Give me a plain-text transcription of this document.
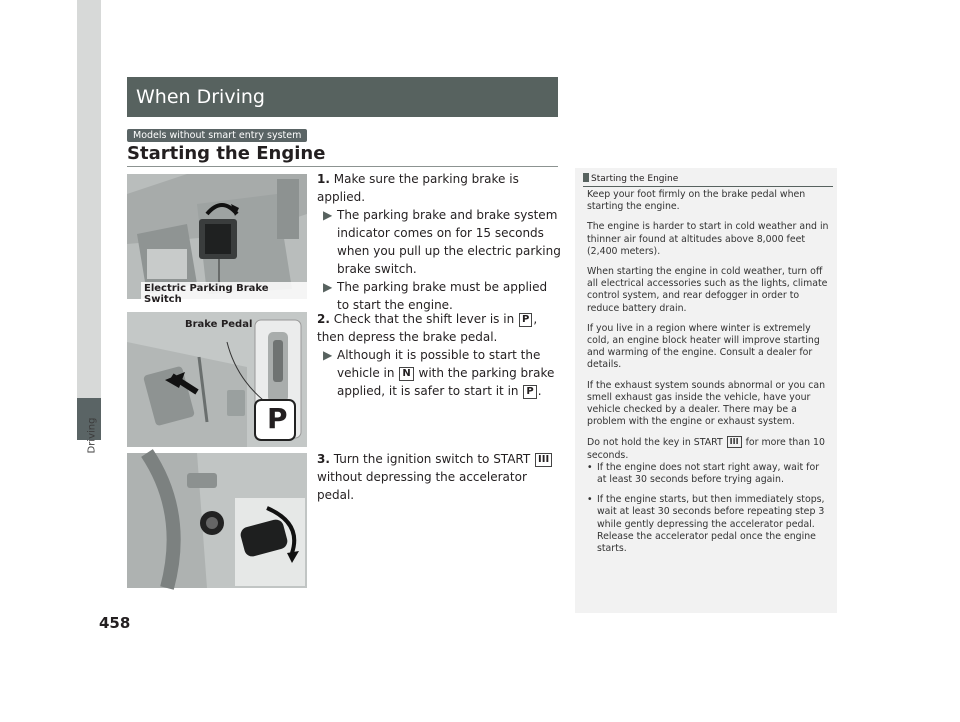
Driving
458
When Driving
Models without smart entry system
Starting the Engine
Electric Parking Brake Switch
P
Brake Pedal
1. Make sure the parking brake is applied.
▶ The parking brake and brake system indicator comes on for 15 seconds when you pull up the electric parking brake switch.
▶ The parking brake must be applied to start the engine.
2. Check that the shift lever is in P , then depress the brake pedal.
▶ Although it is possible to start the vehicle in N with the parking brake applied, it is safer to start it in P .
3. Turn the ignition switch to START III without depressing the accelerator pedal.
Starting the Engine

Keep your foot firmly on the brake pedal when starting the engine.

The engine is harder to start in cold weather and in thinner air found at altitudes above 8,000 feet (2,400 meters).

When starting the engine in cold weather, turn off all electrical accessories such as the lights, climate control system, and rear defogger in order to reduce battery drain.

If you live in a region where winter is extremely cold, an engine block heater will improve starting and warming of the engine. Consult a dealer for details.

If the exhaust system sounds abnormal or you can smell exhaust gas inside the vehicle, have your vehicle checked by a dealer. There may be a problem with the engine or exhaust system.

Do not hold the key in START III for more than 10 seconds.

• If the engine does not start right away, wait for at least 30 seconds before trying again.

• If the engine starts, but then immediately stops, wait at least 30 seconds before repeating step 3 while gently depressing the accelerator pedal. Release the accelerator pedal once the engine starts.
